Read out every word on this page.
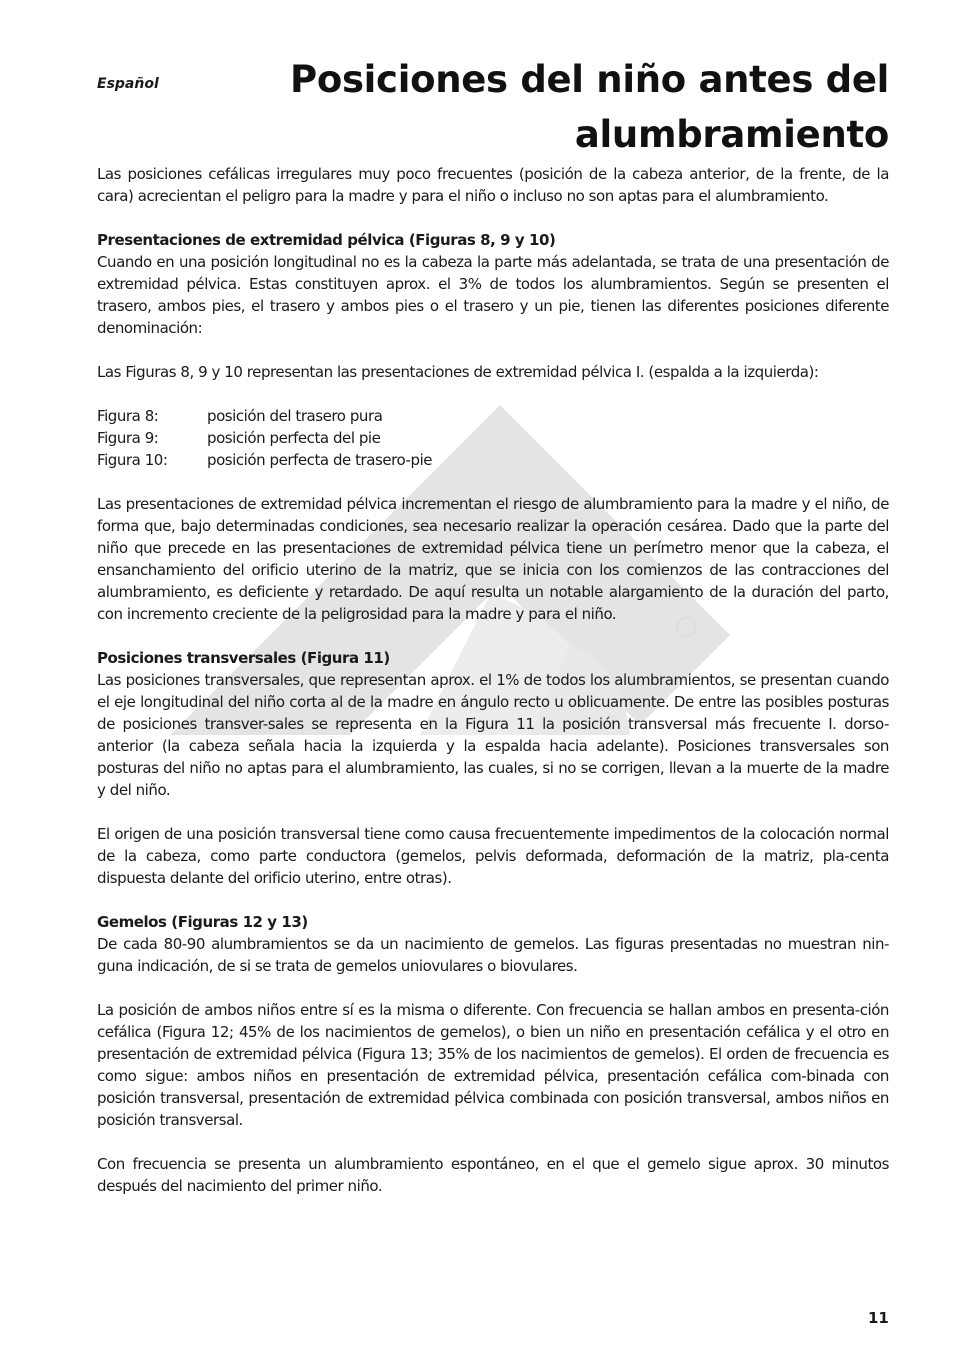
Español	Posiciones del niño antes del
alumbramiento

Las posiciones cefálicas irregulares muy poco frecuentes (posición de la cabeza anterior, de la frente, de la cara) acrecientan el peligro para la madre y para el niño o incluso no son aptas para el alumbramiento.

Presentaciones de extremidad pélvica (Figuras 8, 9 y 10)

Cuando en una posición longitudinal no es la cabeza la parte más adelantada, se trata de una presentación de extremidad pélvica. Estas constituyen aprox. el 3% de todos los alumbramientos. Según se presenten el trasero, ambos pies, el trasero y ambos pies o el trasero y un pie, tienen las diferentes posiciones diferente denominación:

Las Figuras 8, 9 y 10 representan las presentaciones de extremidad pélvica I. (espalda a la izquierda):

Figura 8:	posición del trasero pura
Figura 9:	posición perfecta del pie
Figura 10:	posición perfecta de trasero-pie

Las presentaciones de extremidad pélvica incrementan el riesgo de alumbramiento para la madre y el niño, de forma que, bajo determinadas condiciones, sea necesario realizar la operación cesárea. Dado que la parte del niño que precede en las presentaciones de extremidad pélvica tiene un perímetro menor que la cabeza, el ensanchamiento del orificio uterino de la matriz, que se inicia con los comienzos de las contracciones del alumbramiento, es deficiente y retardado. De aquí resulta un notable alargamiento de la duración del parto, con incremento creciente de la peligrosidad para la madre y para el niño.

Posiciones transversales (Figura 11)

Las posiciones transversales, que representan aprox. el 1% de todos los alumbramientos, se presentan cuando el eje longitudinal del niño corta al de la madre en ángulo recto u oblicuamente. De entre las posibles posturas de posiciones transver-sales se representa en la Figura 11 la posición transversal más frecuente I. dorso-anterior (la cabeza señala hacia la izquierda y la espalda hacia adelante). Posiciones transversales son posturas del niño no aptas para el alumbramiento, las cuales, si no se corrigen, llevan a la muerte de la madre y del niño.

El origen de una posición transversal tiene como causa frecuentemente impedimentos de la colocación normal de la cabeza, como parte conductora (gemelos, pelvis deformada, deformación de la matriz, pla-centa dispuesta delante del orificio uterino, entre otras).

Gemelos (Figuras 12 y 13)

De cada 80-90 alumbramientos se da un nacimiento de gemelos. Las figuras presentadas no muestran nin-guna indicación, de si se trata de gemelos uniovulares o biovulares.

La posición de ambos niños entre sí es la misma o diferente. Con frecuencia se hallan ambos en presenta-ción cefálica (Figura 12; 45% de los nacimientos de gemelos), o bien un niño en presentación cefálica y el otro en presentación de extremidad pélvica (Figura 13; 35% de los nacimientos de gemelos). El orden de frecuencia es como sigue: ambos niños en presentación de extremidad pélvica, presentación cefálica com-binada con posición transversal, presentación de extremidad pélvica combinada con posición transversal, ambos niños en posición transversal.

Con frecuencia se presenta un alumbramiento espontáneo, en el que el gemelo sigue aprox. 30 minutos después del nacimiento del primer niño.

11
